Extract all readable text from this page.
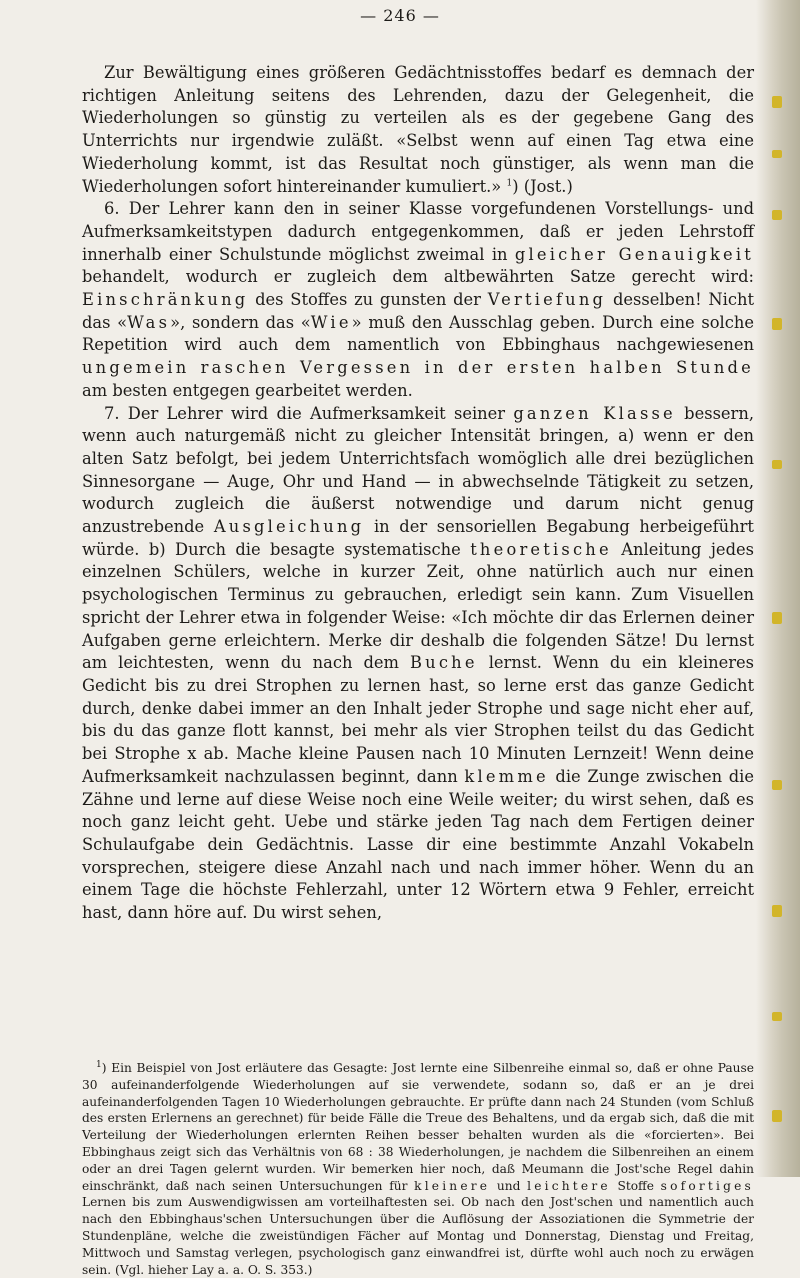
— 246 —

Zur Bewältigung eines größeren Gedächtnisstoffes bedarf es demnach der richtigen Anleitung seitens des Lehrenden, dazu der Gelegenheit, die Wiederholungen so günstig zu verteilen als es der gegebene Gang des Unterrichts nur irgendwie zuläßt. «Selbst wenn auf einen Tag etwa eine Wiederholung kommt, ist das Resultat noch günstiger, als wenn man die Wiederholungen sofort hintereinander kumuliert.» $^1$) (Jost.)

6. Der Lehrer kann den in seiner Klasse vorgefundenen Vorstellungs- und Aufmerksamkeitstypen dadurch entgegenkommen, daß er jeden Lehrstoff innerhalb einer Schulstunde möglichst zweimal in gleicher Genauigkeit behandelt, wodurch er zugleich dem altbewährten Satze gerecht wird: Einschränkung des Stoffes zu gunsten der Vertiefung desselben! Nicht das «Was», sondern das «Wie» muß den Ausschlag geben. Durch eine solche Repetition wird auch dem namentlich von Ebbinghaus nachgewiesenen ungemein raschen Vergessen in der ersten halben Stunde am besten entgegen gearbeitet werden.

7. Der Lehrer wird die Aufmerksamkeit seiner ganzen Klasse bessern, wenn auch naturgemäß nicht zu gleicher Intensität bringen, a) wenn er den alten Satz befolgt, bei jedem Unterrichtsfach womöglich alle drei bezüglichen Sinnesorgane — Auge, Ohr und Hand — in abwechselnde Tätigkeit zu setzen, wodurch zugleich die äußerst notwendige und darum nicht genug anzustrebende Ausgleichung in der sensoriellen Begabung herbeigeführt würde. b) Durch die besagte systematische theoretische Anleitung jedes einzelnen Schülers, welche in kurzer Zeit, ohne natürlich auch nur einen psychologischen Terminus zu gebrauchen, erledigt sein kann. Zum Visuellen spricht der Lehrer etwa in folgender Weise: «Ich möchte dir das Erlernen deiner Aufgaben gerne erleichtern. Merke dir deshalb die folgenden Sätze! Du lernst am leichtesten, wenn du nach dem Buche lernst. Wenn du ein kleineres Gedicht bis zu drei Strophen zu lernen hast, so lerne erst das ganze Gedicht durch, denke dabei immer an den Inhalt jeder Strophe und sage nicht eher auf, bis du das ganze flott kannst, bei mehr als vier Strophen teilst du das Gedicht bei Strophe x ab. Mache kleine Pausen nach 10 Minuten Lernzeit! Wenn deine Aufmerksamkeit nachzulassen beginnt, dann klemme die Zunge zwischen die Zähne und lerne auf diese Weise noch eine Weile weiter; du wirst sehen, daß es noch ganz leicht geht. Uebe und stärke jeden Tag nach dem Fertigen deiner Schulaufgabe dein Gedächtnis. Lasse dir eine bestimmte Anzahl Vokabeln vorsprechen, steigere diese Anzahl nach und nach immer höher. Wenn du an einem Tage die höchste Fehlerzahl, unter 12 Wörtern etwa 9 Fehler, erreicht hast, dann höre auf. Du wirst sehen,

$^1$) Ein Beispiel von Jost erläutere das Gesagte: Jost lernte eine Silbenreihe einmal so, daß er ohne Pause 30 aufeinanderfolgende Wiederholungen auf sie verwendete, sodann so, daß er an je drei aufeinanderfolgenden Tagen 10 Wiederholungen gebrauchte. Er prüfte dann nach 24 Stunden (vom Schluß des ersten Erlernens an gerechnet) für beide Fälle die Treue des Behaltens, und da ergab sich, daß die mit Verteilung der Wiederholungen erlernten Reihen besser behalten wurden als die «forcierten». Bei Ebbinghaus zeigt sich das Verhältnis von 68 : 38 Wiederholungen, je nachdem die Silbenreihen an einem oder an drei Tagen gelernt wurden. Wir bemerken hier noch, daß Meumann die Jost'sche Regel dahin einschränkt, daß nach seinen Untersuchungen für kleinere und leichtere Stoffe sofortiges Lernen bis zum Auswendigwissen am vorteilhaftesten sei. Ob nach den Jost'schen und namentlich auch nach den Ebbinghaus'schen Untersuchungen über die Auflösung der Assoziationen die Symmetrie der Stundenpläne, welche die zweistündigen Fächer auf Montag und Donnerstag, Dienstag und Freitag, Mittwoch und Samstag verlegen, psychologisch ganz einwandfrei ist, dürfte wohl auch noch zu erwägen sein. (Vgl. hieher Lay a. a. O. S. 353.)
